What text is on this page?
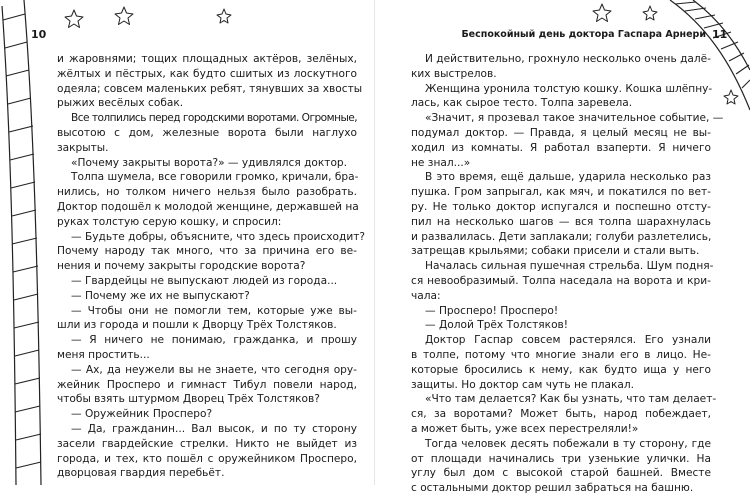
10
и жаровнями; тощих площадных актёров, зелёных,
жёлтых и пёстрых, как будто сшитых из лоскутного
одеяла; совсем маленьких ребят, тянувших за хвосты
рыжих весёлых собак.
Все толпились перед городскими воротами. Огромные,
высотою с дом, железные ворота были наглухо
закрыты.
«Почему закрыты ворота?» — удивлялся доктор.
Толпа шумела, все говорили громко, кричали, бра-
нились, но толком ничего нельзя было разобрать.
Доктор подошёл к молодой женщине, державшей на
руках толстую серую кошку, и спросил:
— Будьте добры, объясните, что здесь происходит?
Почему народу так много, что за причина его ве-
нения и почему закрыты городские ворота?
— Гвардейцы не выпускают людей из города...
— Почему же их не выпускают?
— Чтобы они не помогли тем, которые уже вы-
шли из города и пошли к Дворцу Трёх Толстяков.
— Я ничего не понимаю, гражданка, и прошу
меня простить...
— Ах, да неужели вы не знаете, что сегодня ору-
жейник Просперо и гимнаст Тибул повели народ,
чтобы взять штурмом Дворец Трёх Толстяков?
— Оружейник Просперо?
— Да, гражданин... Вал высок, и по ту сторону
засели гвардейские стрелки. Никто не выйдет из
города, и тех, кто пошёл с оружейником Просперо,
дворцовая гвардия перебьёт.
Беспокойный день доктора Гаспара Арнери 11
И действительно, грохнуло несколько очень далё-
ких выстрелов.
Женщина уронила толстую кошку. Кошка шлёпну-
лась, как сырое тесто. Толпа заревела.
«Значит, я прозевал такое значительное событие, —
подумал доктор. — Правда, я целый месяц не вы-
ходил из комнаты. Я работал взаперти. Я ничего
не знал...»
В это время, ещё дальше, ударила несколько раз
пушка. Гром запрыгал, как мяч, и покатился по вет-
ру. Не только доктор испугался и поспешно отсту-
пил на несколько шагов — вся толпа шарахнулась
и развалилась. Дети заплакали; голуби разлетелись,
затрещав крыльями; собаки присели и стали выть.
Началась сильная пушечная стрельба. Шум подня-
ся невообразимый. Толпа наседала на ворота и кри-
чала:
— Просперо! Просперо!
— Долой Трёх Толстяков!
Доктор Гаспар совсем растерялся. Его узнали
в толпе, потому что многие знали его в лицо. Не-
которые бросились к нему, как будто ища у него
защиты. Но доктор сам чуть не плакал.
«Что там делается? Как бы узнать, что там делает-
ся, за воротами? Может быть, народ побеждает,
а может быть, уже всех перестреляли!»
Тогда человек десять побежали в ту сторону, где
от площади начинались три узенькие улички. На
углу был дом с высокой старой башней. Вместе
с остальными доктор решил забраться на башню.
